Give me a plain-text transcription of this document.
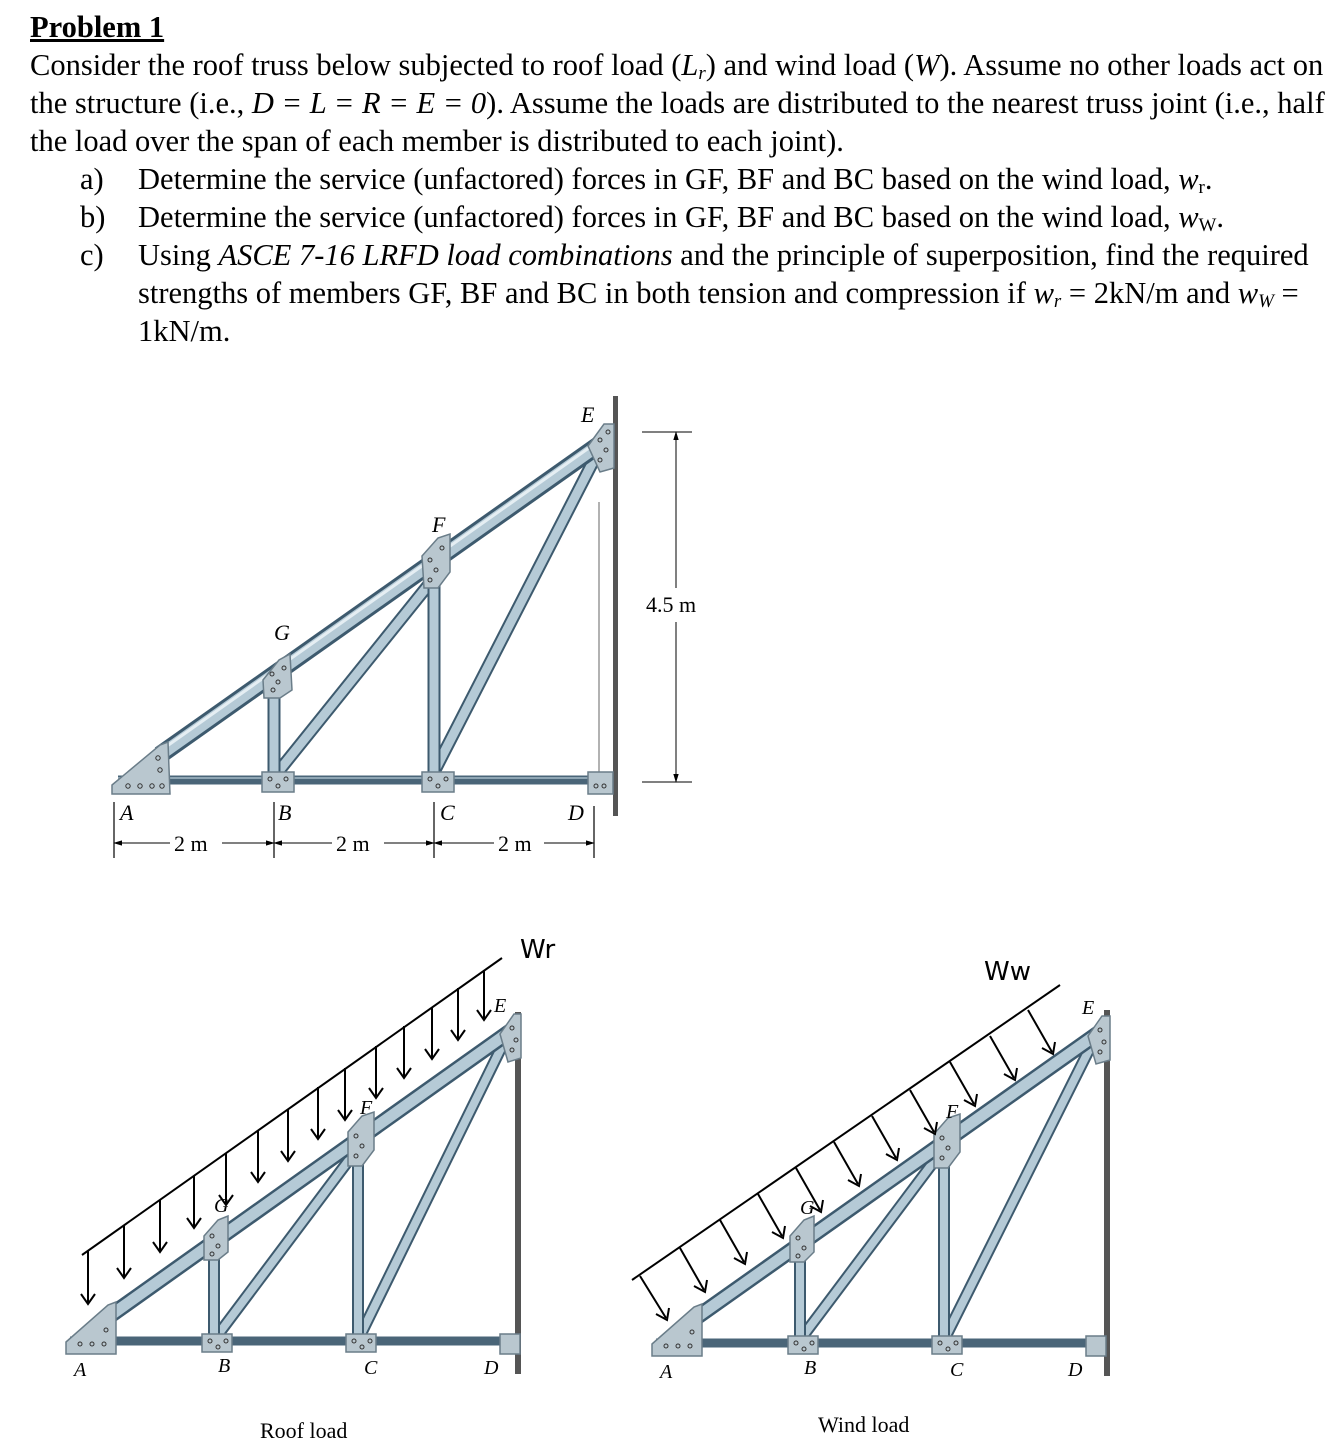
Problem 1

Consider the roof truss below subjected to roof load $(L_r)$ and wind load (W). Assume no other loads act on the structure (i.e., D = L = R = E = 0). Assume the loads are distributed to the nearest truss joint (i.e., half the load over the span of each member is distributed to each joint).

a) Determine the service (unfactored) forces in GF, BF and BC based on the wind load, $w_r$.

b) Determine the service (unfactored) forces in GF, BF and BC based on the wind load, $w_W$.

c) Using ASCE 7-16 LRFD load combinations and the principle of superposition, find the required strengths of members GF, BF and BC in both tension and compression if $w_r = 2kN/m$ and $w_W = 1kN/m$.

A	B	C	D
E
F
G
2 m	2 m	2 m
4.5 m
Wr
A	B	C	D
E
F
G
Roof load
Ww
A	B	C	D
E
F
G
Wind load
